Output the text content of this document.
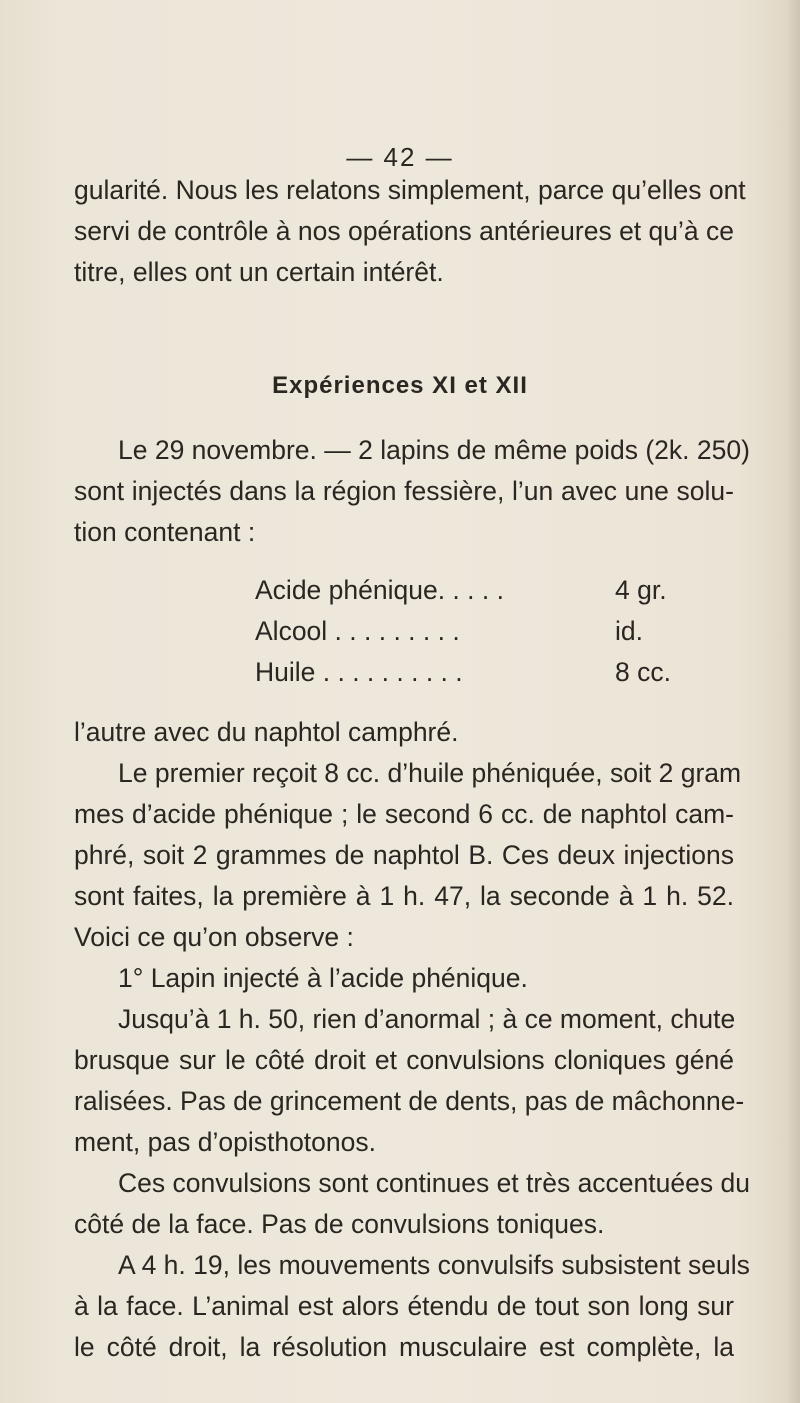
— 42 —
gularité. Nous les relatons simplement, parce qu’elles ont
servi de contrôle à nos opérations antérieures et qu’à ce
titre, elles ont un certain intérêt.
Expériences XI et XII
Le 29 novembre. — 2 lapins de même poids (2k. 250)
sont injectés dans la région fessière, l’un avec une solu-
tion contenant :
Acide phénique. . . . .	4 gr.
Alcool . . . . . . . . .	id.
Huile . . . . . . . . . .	8 cc.
l’autre avec du naphtol camphré.
Le premier reçoit 8 cc. d’huile phéniquée, soit 2 gram
mes d’acide phénique ; le second 6 cc. de naphtol cam-
phré, soit 2 grammes de naphtol B. Ces deux injections
sont faites, la première à 1 h. 47, la seconde à 1 h. 52.
Voici ce qu’on observe :
1° Lapin injecté à l’acide phénique.
Jusqu’à 1 h. 50, rien d’anormal ; à ce moment, chute
brusque sur le côté droit et convulsions cloniques géné
ralisées. Pas de grincement de dents, pas de mâchonne-
ment, pas d’opisthotonos.
Ces convulsions sont continues et très accentuées du
côté de la face. Pas de convulsions toniques.
A 4 h. 19, les mouvements convulsifs subsistent seuls
à la face. L’animal est alors étendu de tout son long sur
le côté droit, la résolution musculaire est complète, la
